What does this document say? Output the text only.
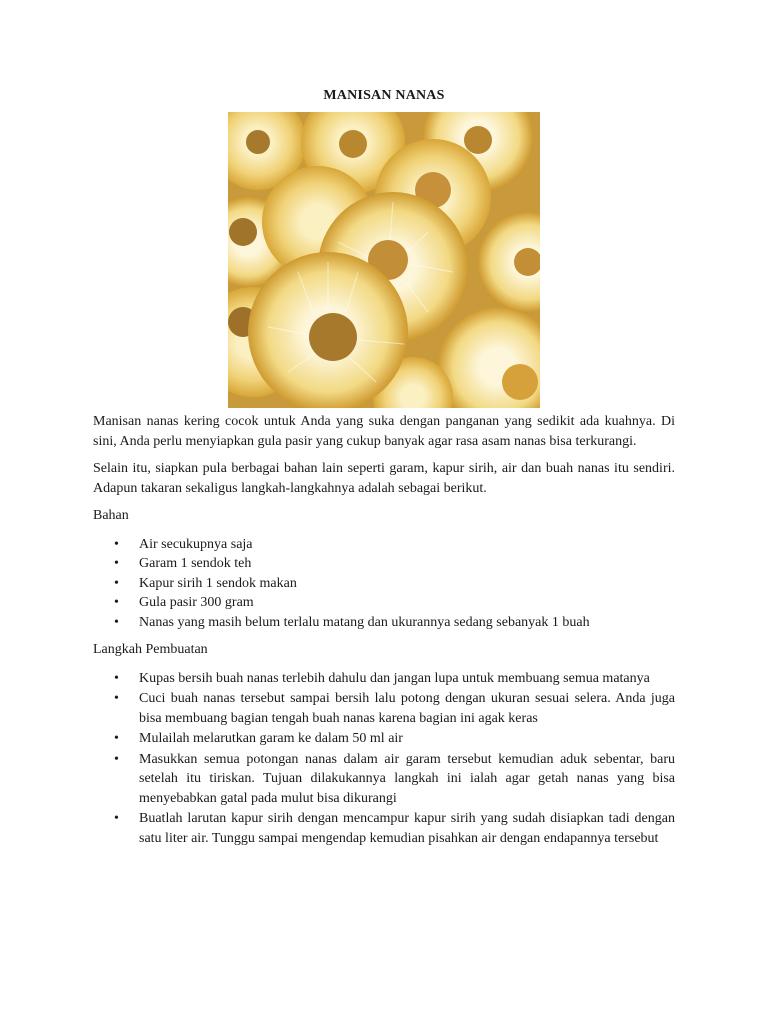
MANISAN NANAS

Manisan nanas kering cocok untuk Anda yang suka dengan panganan yang sedikit ada kuahnya. Di sini, Anda perlu menyiapkan gula pasir yang cukup banyak agar rasa asam nanas bisa terkurangi.

Selain itu, siapkan pula berbagai bahan lain seperti garam, kapur sirih, air dan buah nanas itu sendiri. Adapun takaran sekaligus langkah-langkahnya adalah sebagai berikut.

Bahan

• Air secukupnya saja
• Garam 1 sendok teh
• Kapur sirih 1 sendok makan
• Gula pasir 300 gram
• Nanas yang masih belum terlalu matang dan ukurannya sedang sebanyak 1 buah

Langkah Pembuatan

• Kupas bersih buah nanas terlebih dahulu dan jangan lupa untuk membuang semua matanya
• Cuci buah nanas tersebut sampai bersih lalu potong dengan ukuran sesuai selera. Anda juga bisa membuang bagian tengah buah nanas karena bagian ini agak keras
• Mulailah melarutkan garam ke dalam 50 ml air
• Masukkan semua potongan nanas dalam air garam tersebut kemudian aduk sebentar, baru setelah itu tiriskan. Tujuan dilakukannya langkah ini ialah agar getah nanas yang bisa menyebabkan gatal pada mulut bisa dikurangi
• Buatlah larutan kapur sirih dengan mencampur kapur sirih yang sudah disiapkan tadi dengan satu liter air. Tunggu sampai mengendap kemudian pisahkan air dengan endapannya tersebut
